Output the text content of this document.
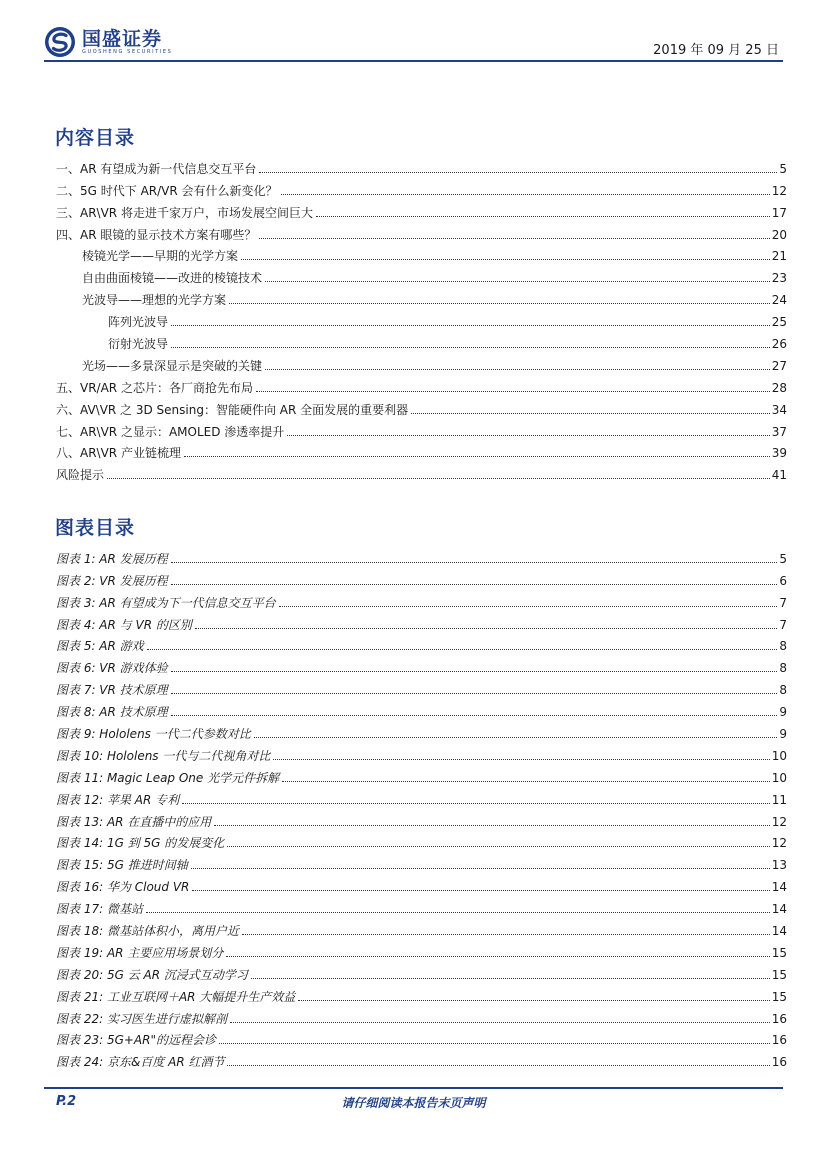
国盛证券
GUOSHENG SECURITIES	2019 年 09 月 25 日
内容目录
一、AR 有望成为新一代信息交互平台	5
二、5G 时代下 AR/VR 会有什么新变化？	12
三、AR\VR 将走进千家万户，市场发展空间巨大	17
四、AR 眼镜的显示技术方案有哪些？	20
棱镜光学——早期的光学方案	21
自由曲面棱镜——改进的棱镜技术	23
光波导——理想的光学方案	24
阵列光波导	25
衍射光波导	26
光场——多景深显示是突破的关键	27
五、VR/AR 之芯片：各厂商抢先布局	28
六、AV\VR 之 3D Sensing：智能硬件向 AR 全面发展的重要利器	34
七、AR\VR 之显示：AMOLED 渗透率提升	37
八、AR\VR 产业链梳理	39
风险提示	41
图表目录
图表 1: AR 发展历程	5
图表 2: VR 发展历程	6
图表 3: AR 有望成为下一代信息交互平台	7
图表 4: AR 与 VR 的区别	7
图表 5: AR 游戏	8
图表 6: VR 游戏体验	8
图表 7: VR 技术原理	8
图表 8: AR 技术原理	9
图表 9: Hololens 一代二代参数对比	9
图表 10: Hololens 一代与二代视角对比	10
图表 11: Magic Leap One 光学元件拆解	10
图表 12: 苹果 AR 专利	11
图表 13: AR 在直播中的应用	12
图表 14: 1G 到 5G 的发展变化	12
图表 15: 5G 推进时间轴	13
图表 16: 华为 Cloud VR	14
图表 17: 微基站	14
图表 18: 微基站体积小，离用户近	14
图表 19: AR 主要应用场景划分	15
图表 20: 5G 云 AR 沉浸式互动学习	15
图表 21: 工业互联网＋AR 大幅提升生产效益	15
图表 22: 实习医生进行虚拟解剖	16
图表 23: 5G+AR"的远程会诊	16
图表 24: 京东&百度 AR 红酒节	16
P.2	请仔细阅读本报告末页声明
